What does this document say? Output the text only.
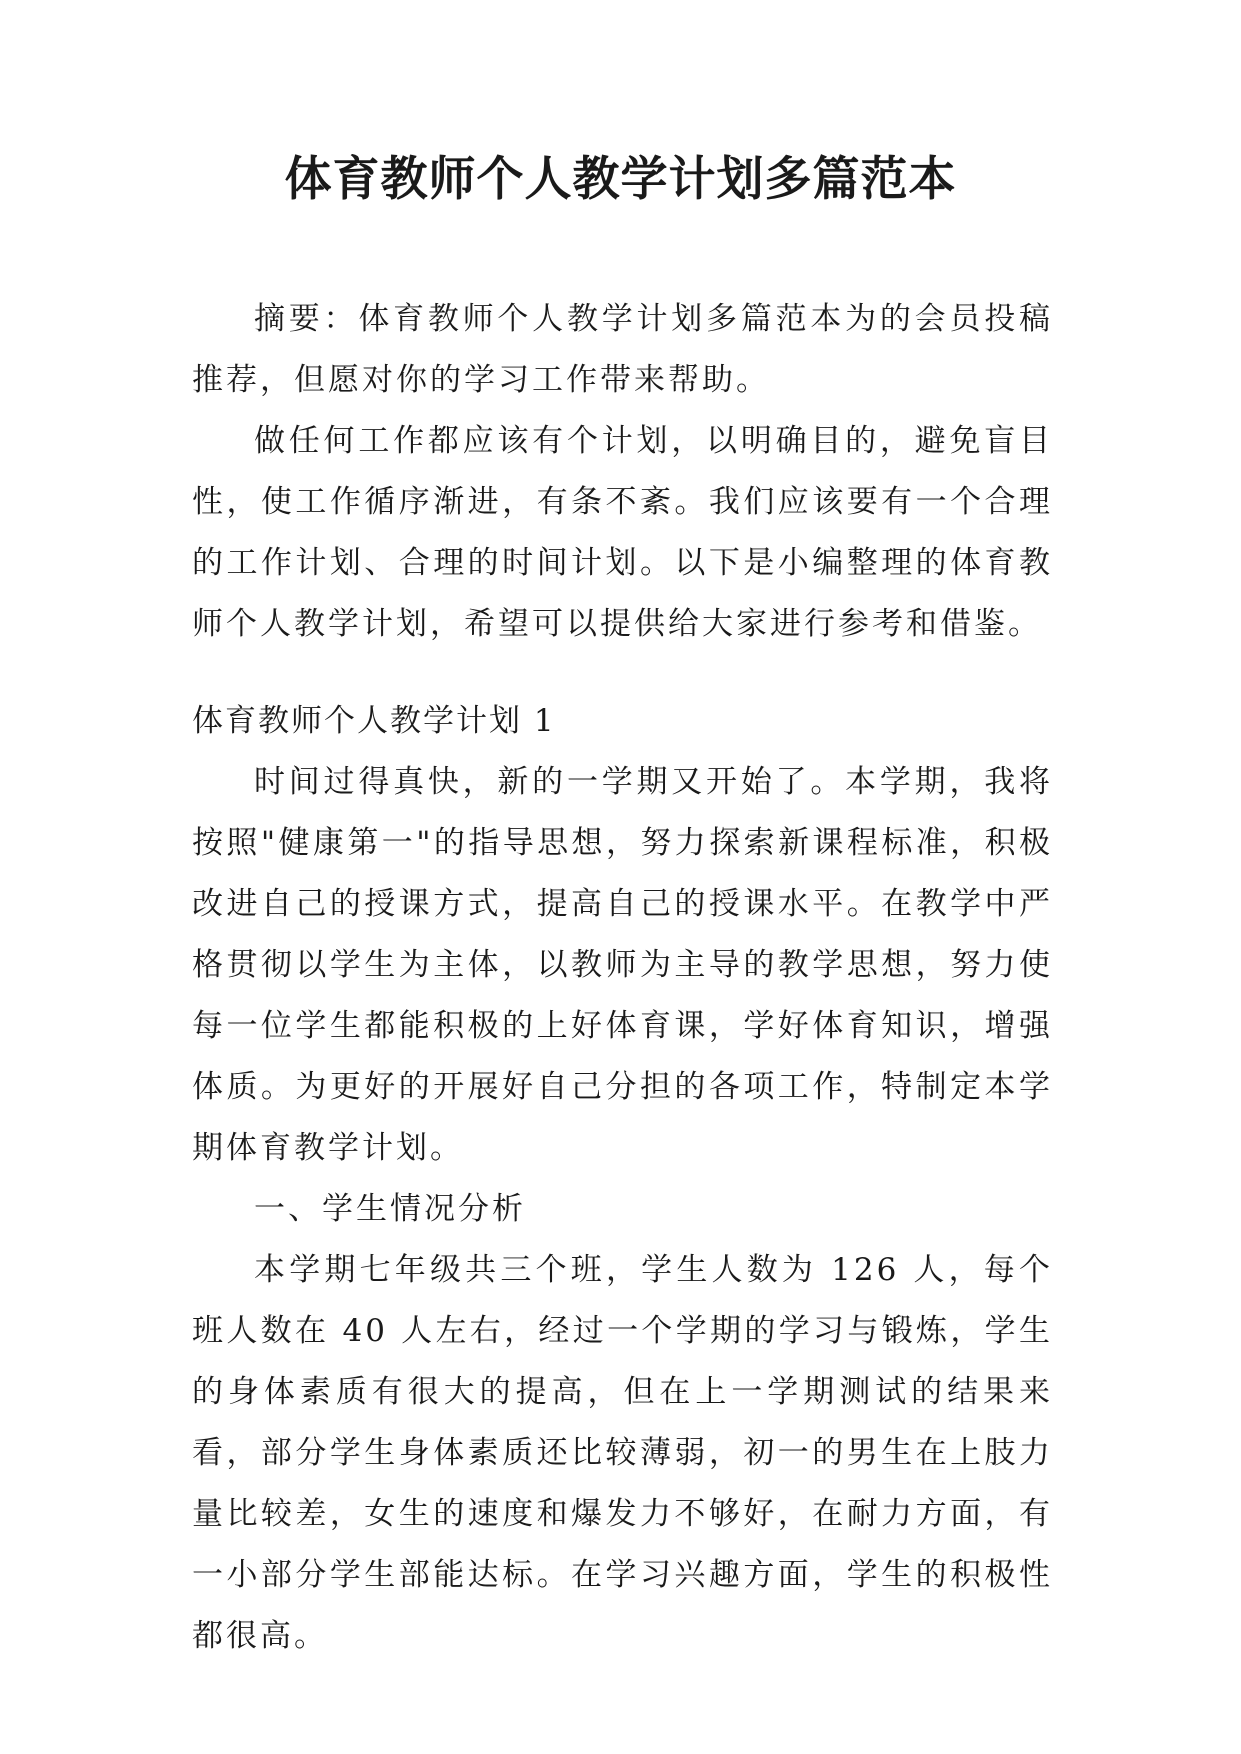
体育教师个人教学计划多篇范本

摘要：体育教师个人教学计划多篇范本为的会员投稿推荐，但愿对你的学习工作带来帮助。

做任何工作都应该有个计划，以明确目的，避免盲目性，使工作循序渐进，有条不紊。我们应该要有一个合理的工作计划、合理的时间计划。以下是小编整理的体育教师个人教学计划，希望可以提供给大家进行参考和借鉴。

体育教师个人教学计划 1

时间过得真快，新的一学期又开始了。本学期，我将按照"健康第一"的指导思想，努力探索新课程标准，积极改进自己的授课方式，提高自己的授课水平。在教学中严格贯彻以学生为主体，以教师为主导的教学思想，努力使每一位学生都能积极的上好体育课，学好体育知识，增强体质。为更好的开展好自己分担的各项工作，特制定本学期体育教学计划。

一、学生情况分析

本学期七年级共三个班，学生人数为 126 人，每个班人数在 40 人左右，经过一个学期的学习与锻炼，学生的身体素质有很大的提高，但在上一学期测试的结果来看，部分学生身体素质还比较薄弱，初一的男生在上肢力量比较差，女生的速度和爆发力不够好，在耐力方面，有一小部分学生部能达标。在学习兴趣方面，学生的积极性都很高。
